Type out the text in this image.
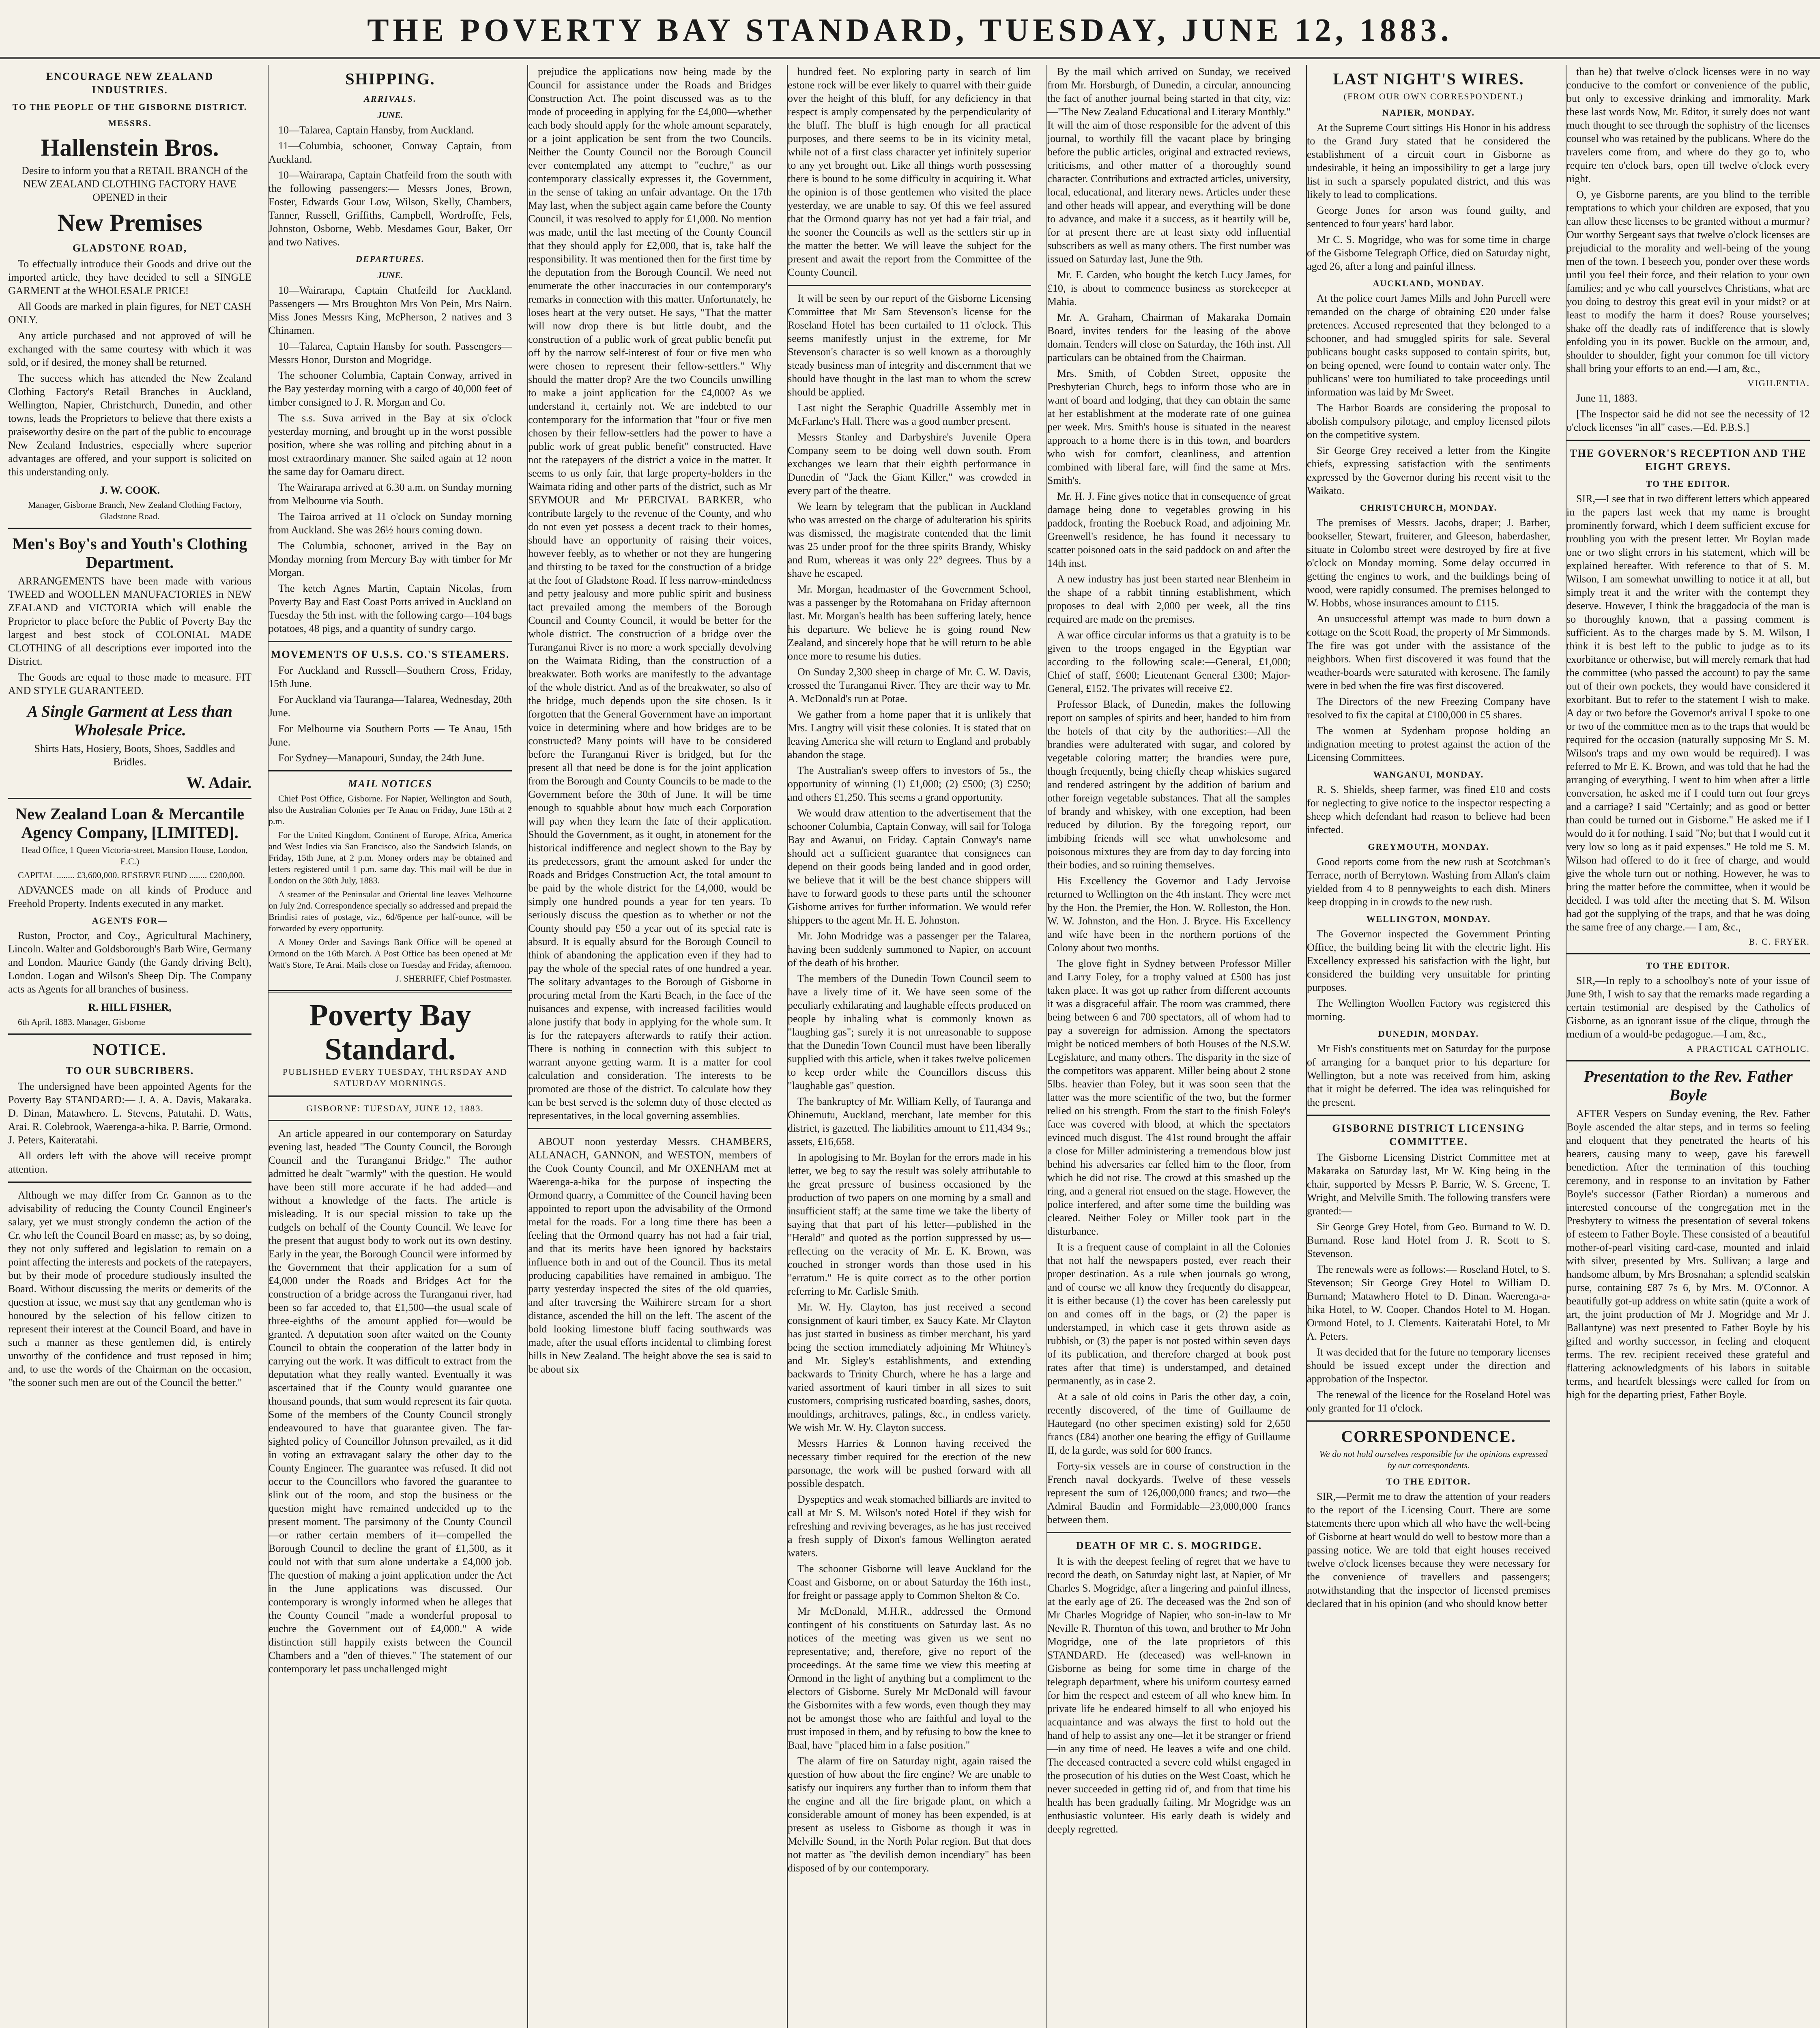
THE POVERTY BAY STANDARD, TUESDAY, JUNE 12, 1883.
ENCOURAGE NEW ZEALAND INDUSTRIES.
TO THE PEOPLE OF THE GISBORNE DISTRICT.
MESSRS.
Hallenstein Bros.

Desire to inform you that a RETAIL BRANCH of the NEW ZEALAND CLOTHING FACTORY HAVE OPENED in their

New Premises
GLADSTONE ROAD,

To effectually introduce their Goods and drive out the imported article, they have decided to sell a SINGLE GARMENT at the WHOLESALE PRICE!

All Goods are marked in plain figures, for NET CASH ONLY.

Any article purchased and not approved of will be exchanged with the same courtesy with which it was sold, or if desired, the money shall be returned.

The success which has attended the New Zealand Clothing Factory's Retail Branches in Auckland, Wellington, Napier, Christchurch, Dunedin, and other towns, leads the Proprietors to believe that there exists a praiseworthy desire on the part of the public to encourage New Zealand Industries, especially where superior advantages are offered, and your support is solicited on this understanding only.

J. W. COOK.

Manager, Gisborne Branch, New Zealand Clothing Factory, Gladstone Road.

Men's Boy's and Youth's Clothing Department.

ARRANGEMENTS have been made with various TWEED and WOOLLEN MANUFACTORIES in NEW ZEALAND and VICTORIA which will enable the Proprietor to place before the Public of Poverty Bay the largest and best stock of COLONIAL MADE CLOTHING of all descriptions ever imported into the District.

The Goods are equal to those made to measure. FIT AND STYLE GUARANTEED.

A Single Garment at Less than Wholesale Price.

Shirts Hats, Hosiery, Boots, Shoes, Saddles and Bridles.

W. Adair.
New Zealand Loan & Mercantile Agency Company, [LIMITED].

Head Office, 1 Queen Victoria-street, Mansion House, London, E.C.)

CAPITAL ........ £3,600,000. RESERVE FUND ........ £200,000.

ADVANCES made on all kinds of Produce and Freehold Property. Indents executed in any market.

AGENTS FOR—

Ruston, Proctor, and Coy., Agricultural Machinery, Lincoln. Walter and Goldsborough's Barb Wire, Germany and London. Maurice Gandy (the Gandy driving Belt), London. Logan and Wilson's Sheep Dip. The Company acts as Agents for all branches of business.

R. HILL FISHER,

6th April, 1883. Manager, Gisborne

NOTICE.
TO OUR SUBCRIBERS.

The undersigned have been appointed Agents for the Poverty Bay STANDARD:— J. A. A. Davis, Makaraka. D. Dinan, Matawhero. L. Stevens, Patutahi. D. Watts, Arai. R. Colebrook, Waerenga-a-hika. P. Barrie, Ormond. J. Peters, Kaiteratahi.

All orders left with the above will receive prompt attention.

Although we may differ from Cr. Gannon as to the advisability of reducing the County Council Engineer's salary, yet we must strongly condemn the action of the Cr. who left the Council Board en masse; as, by so doing, they not only suffered and legislation to remain on a point affecting the interests and pockets of the ratepayers, but by their mode of procedure studiously insulted the Board. Without discussing the merits or demerits of the question at issue, we must say that any gentleman who is honoured by the selection of his fellow citizen to represent their interest at the Council Board, and have in such a manner as these gentlemen did, is entirely unworthy of the confidence and trust reposed in him; and, to use the words of the Chairman on the occasion, "the sooner such men are out of the Council the better."

SHIPPING.
ARRIVALS.
JUNE.

10—Talarea, Captain Hansby, from Auckland.

11—Columbia, schooner, Conway Captain, from Auckland.

10—Wairarapa, Captain Chatfeild from the south with the following passengers:— Messrs Jones, Brown, Foster, Edwards Gour Low, Wilson, Skelly, Chambers, Tanner, Russell, Griffiths, Campbell, Wordroffe, Fels, Johnston, Osborne, Webb. Mesdames Gour, Baker, Orr and two Natives.

DEPARTURES.
JUNE.

10—Wairarapa, Captain Chatfeild for Auckland. Passengers — Mrs Broughton Mrs Von Pein, Mrs Nairn. Miss Jones Messrs King, McPherson, 2 natives and 3 Chinamen.

10—Talarea, Captain Hansby for south. Passengers—Messrs Honor, Durston and Mogridge.

The schooner Columbia, Captain Conway, arrived in the Bay yesterday morning with a cargo of 40,000 feet of timber consigned to J. R. Morgan and Co.

The s.s. Suva arrived in the Bay at six o'clock yesterday morning, and brought up in the worst possible position, where she was rolling and pitching about in a most extraordinary manner. She sailed again at 12 noon the same day for Oamaru direct.

The Wairarapa arrived at 6.30 a.m. on Sunday morning from Melbourne via South.

The Tairoa arrived at 11 o'clock on Sunday morning from Auckland. She was 26½ hours coming down.

The Columbia, schooner, arrived in the Bay on Monday morning from Mercury Bay with timber for Mr Morgan.

The ketch Agnes Martin, Captain Nicolas, from Poverty Bay and East Coast Ports arrived in Auckland on Tuesday the 5th inst. with the following cargo—104 bags potatoes, 48 pigs, and a quantity of sundry cargo.

MOVEMENTS OF U.S.S. CO.'S STEAMERS.

For Auckland and Russell—Southern Cross, Friday, 15th June.

For Auckland via Tauranga—Talarea, Wednesday, 20th June.

For Melbourne via Southern Ports — Te Anau, 15th June.

For Sydney—Manapouri, Sunday, the 24th June.

MAIL NOTICES

Chief Post Office, Gisborne. For Napier, Wellington and South, also the Australian Colonies per Te Anau on Friday, June 15th at 2 p.m.

For the United Kingdom, Continent of Europe, Africa, America and West Indies via San Francisco, also the Sandwich Islands, on Friday, 15th June, at 2 p.m. Money orders may be obtained and letters registered until 1 p.m. same day. This mail will be due in London on the 30th July, 1883.

A steamer of the Peninsular and Oriental line leaves Melbourne on July 2nd. Correspondence specially so addressed and prepaid the Brindisi rates of postage, viz., 6d/6pence per half-ounce, will be forwarded by every opportunity.

A Money Order and Savings Bank Office will be opened at Ormond on the 16th March. A Post Office has been opened at Mr Watt's Store, Te Arai. Mails close on Tuesday and Friday, afternoon.

J. SHERRIFF, Chief Postmaster.

Poverty Bay Standard.

PUBLISHED EVERY TUESDAY, THURSDAY AND SATURDAY MORNINGS.

GISBORNE: TUESDAY, JUNE 12, 1883.

An article appeared in our contemporary on Saturday evening last, headed "The County Council, the Borough Council and the Turanganui Bridge." The author admitted he dealt "warmly" with the question. He would have been still more accurate if he had added—and without a knowledge of the facts. The article is misleading. It is our special mission to take up the cudgels on behalf of the County Council. We leave for the present that august body to work out its own destiny. Early in the year, the Borough Council were informed by the Government that their application for a sum of £4,000 under the Roads and Bridges Act for the construction of a bridge across the Turanganui river, had been so far acceded to, that £1,500—the usual scale of three-eighths of the amount applied for—would be granted. A deputation soon after waited on the County Council to obtain the cooperation of the latter body in carrying out the work. It was difficult to extract from the deputation what they really wanted. Eventually it was ascertained that if the County would guarantee one thousand pounds, that sum would represent its fair quota. Some of the members of the County Council strongly endeavoured to have that guarantee given. The far-sighted policy of Councillor Johnson prevailed, as it did in voting an extravagant salary the other day to the County Engineer. The guarantee was refused. It did not occur to the Councillors who favored the guarantee to slink out of the room, and stop the business or the question might have remained undecided up to the present moment. The parsimony of the County Council—or rather certain members of it—compelled the Borough Council to decline the grant of £1,500, as it could not with that sum alone undertake a £4,000 job. The question of making a joint application under the Act in the June applications was discussed. Our contemporary is wrongly informed when he alleges that the County Council "made a wonderful proposal to euchre the Government out of £4,000." A wide distinction still happily exists between the Council Chambers and a "den of thieves." The statement of our contemporary let pass unchallenged might

prejudice the applications now being made by the Council for assistance under the Roads and Bridges Construction Act. The point discussed was as to the mode of proceeding in applying for the £4,000—whether each body should apply for the whole amount separately, or a joint application be sent from the two Councils. Neither the County Council nor the Borough Council ever contemplated any attempt to "euchre," as our contemporary classically expresses it, the Government, in the sense of taking an unfair advantage. On the 17th May last, when the subject again came before the County Council, it was resolved to apply for £1,000. No mention was made, until the last meeting of the County Council that they should apply for £2,000, that is, take half the responsibility. It was mentioned then for the first time by the deputation from the Borough Council. We need not enumerate the other inaccuracies in our contemporary's remarks in connection with this matter. Unfortunately, he loses heart at the very outset. He says, "That the matter will now drop there is but little doubt, and the construction of a public work of great public benefit put off by the narrow self-interest of four or five men who were chosen to represent their fellow-settlers." Why should the matter drop? Are the two Councils unwilling to make a joint application for the £4,000? As we understand it, certainly not. We are indebted to our contemporary for the information that "four or five men chosen by their fellow-settlers had the power to have a public work of great public benefit" constructed. Have not the ratepayers of the district a voice in the matter. It seems to us only fair, that large property-holders in the Waimata riding and other parts of the district, such as Mr SEYMOUR and Mr PERCIVAL BARKER, who contribute largely to the revenue of the County, and who do not even yet possess a decent track to their homes, should have an opportunity of raising their voices, however feebly, as to whether or not they are hungering and thirsting to be taxed for the construction of a bridge at the foot of Gladstone Road. If less narrow-mindedness and petty jealousy and more public spirit and business tact prevailed among the members of the Borough Council and County Council, it would be better for the whole district. The construction of a bridge over the Turanganui River is no more a work specially devolving on the Waimata Riding, than the construction of a breakwater. Both works are manifestly to the advantage of the whole district. And as of the breakwater, so also of the bridge, much depends upon the site chosen. Is it forgotten that the General Government have an important voice in determining where and how bridges are to be constructed? Many points will have to be considered before the Turanganui River is bridged, but for the present all that need be done is for the joint application from the Borough and County Councils to be made to the Government before the 30th of June. It will be time enough to squabble about how much each Corporation will pay when they learn the fate of their application. Should the Government, as it ought, in atonement for the historical indifference and neglect shown to the Bay by its predecessors, grant the amount asked for under the Roads and Bridges Construction Act, the total amount to be paid by the whole district for the £4,000, would be simply one hundred pounds a year for ten years. To seriously discuss the question as to whether or not the County should pay £50 a year out of its special rate is absurd. It is equally absurd for the Borough Council to think of abandoning the application even if they had to pay the whole of the special rates of one hundred a year. The solitary advantages to the Borough of Gisborne in procuring metal from the Karti Beach, in the face of the nuisances and expense, with increased facilities would alone justify that body in applying for the whole sum. It is for the ratepayers afterwards to ratify their action. There is nothing in connection with this subject to warrant anyone getting warm. It is a matter for cool calculation and consideration. The interests to be promoted are those of the district. To calculate how they can be best served is the solemn duty of those elected as representatives, in the local governing assemblies.

ABOUT noon yesterday Messrs. CHAMBERS, ALLANACH, GANNON, and WESTON, members of the Cook County Council, and Mr OXENHAM met at Waerenga-a-hika for the purpose of inspecting the Ormond quarry, a Committee of the Council having been appointed to report upon the advisability of the Ormond metal for the roads. For a long time there has been a feeling that the Ormond quarry has not had a fair trial, and that its merits have been ignored by backstairs influence both in and out of the Council. Thus its metal producing capabilities have remained in ambiguo. The party yesterday inspected the sites of the old quarries, and after traversing the Waihirere stream for a short distance, ascended the hill on the left. The ascent of the bold looking limestone bluff facing southwards was made, after the usual efforts incidental to climbing forest hills in New Zealand. The height above the sea is said to be about six

hundred feet. No exploring party in search of lim estone rock will be ever likely to quarrel with their guide over the height of this bluff, for any deficiency in that respect is amply compensated by the perpendicularity of the bluff. The bluff is high enough for all practical purposes, and there seems to be in its vicinity metal, while not of a first class character yet infinitely superior to any yet brought out. Like all things worth possessing there is bound to be some difficulty in acquiring it. What the opinion is of those gentlemen who visited the place yesterday, we are unable to say. Of this we feel assured that the Ormond quarry has not yet had a fair trial, and the sooner the Councils as well as the settlers stir up in the matter the better. We will leave the subject for the present and await the report from the Committee of the County Council.

It will be seen by our report of the Gisborne Licensing Committee that Mr Sam Stevenson's license for the Roseland Hotel has been curtailed to 11 o'clock. This seems manifestly unjust in the extreme, for Mr Stevenson's character is so well known as a thoroughly steady business man of integrity and discernment that we should have thought in the last man to whom the screw should be applied.

Last night the Seraphic Quadrille Assembly met in McFarlane's Hall. There was a good number present.

Messrs Stanley and Darbyshire's Juvenile Opera Company seem to be doing well down south. From exchanges we learn that their eighth performance in Dunedin of "Jack the Giant Killer," was crowded in every part of the theatre.

We learn by telegram that the publican in Auckland who was arrested on the charge of adulteration his spirits was dismissed, the magistrate contended that the limit was 25 under proof for the three spirits Brandy, Whisky and Rum, whereas it was only 22° degrees. Thus by a shave he escaped.

Mr. Morgan, headmaster of the Government School, was a passenger by the Rotomahana on Friday afternoon last. Mr. Morgan's health has been suffering lately, hence his departure. We believe he is going round New Zealand, and sincerely hope that he will return to be able once more to resume his duties.

On Sunday 2,300 sheep in charge of Mr. C. W. Davis, crossed the Turanganui River. They are their way to Mr. A. McDonald's run at Potae.

We gather from a home paper that it is unlikely that Mrs. Langtry will visit these colonies. It is stated that on leaving America she will return to England and probably abandon the stage.

The Australian's sweep offers to investors of 5s., the opportunity of winning (1) £1,000; (2) £500; (3) £250; and others £1,250. This seems a grand opportunity.

We would draw attention to the advertisement that the schooner Columbia, Captain Conway, will sail for Tologa Bay and Awanui, on Friday. Captain Conway's name should act a sufficient guarantee that consignees can depend on their goods being landed and in good order, we believe that it will be the best chance shippers will have to forward goods to these parts until the schooner Gisborne arrives for further information. We would refer shippers to the agent Mr. H. E. Johnston.

Mr. John Modridge was a passenger per the Talarea, having been suddenly summoned to Napier, on account of the death of his brother.

The members of the Dunedin Town Council seem to have a lively time of it. We have seen some of the peculiarly exhilarating and laughable effects produced on people by inhaling what is commonly known as "laughing gas"; surely it is not unreasonable to suppose that the Dunedin Town Council must have been liberally supplied with this article, when it takes twelve policemen to keep order while the Councillors discuss this "laughable gas" question.

The bankruptcy of Mr. William Kelly, of Tauranga and Ohinemutu, Auckland, merchant, late member for this district, is gazetted. The liabilities amount to £11,434 9s.; assets, £16,658.

In apologising to Mr. Boylan for the errors made in his letter, we beg to say the result was solely attributable to the great pressure of business occasioned by the production of two papers on one morning by a small and insufficient staff; at the same time we take the liberty of saying that that part of his letter—published in the "Herald" and quoted as the portion suppressed by us—reflecting on the veracity of Mr. E. K. Brown, was couched in stronger words than those used in his "erratum." He is quite correct as to the other portion referring to Mr. Carlisle Smith.

Mr. W. Hy. Clayton, has just received a second consignment of kauri timber, ex Saucy Kate. Mr Clayton has just started in business as timber merchant, his yard being the section immediately adjoining Mr Whitney's and Mr. Sigley's establishments, and extending backwards to Trinity Church, where he has a large and varied assortment of kauri timber in all sizes to suit customers, comprising rusticated boarding, sashes, doors, mouldings, architraves, palings, &c., in endless variety. We wish Mr. W. Hy. Clayton success.

Messrs Harries & Lonnon having received the necessary timber required for the erection of the new parsonage, the work will be pushed forward with all possible despatch.

Dyspeptics and weak stomached billiards are invited to call at Mr S. M. Wilson's noted Hotel if they wish for refreshing and reviving beverages, as he has just received a fresh supply of Dixon's famous Wellington aerated waters.

The schooner Gisborne will leave Auckland for the Coast and Gisborne, on or about Saturday the 16th inst., for freight or passage apply to Common Shelton & Co.

Mr McDonald, M.H.R., addressed the Ormond contingent of his constituents on Saturday last. As no notices of the meeting was given us we sent no representative; and, therefore, give no report of the proceedings. At the same time we view this meeting at Ormond in the light of anything but a compliment to the electors of Gisborne. Surely Mr McDonald will favour the Gisbornites with a few words, even though they may not be amongst those who are faithful and loyal to the trust imposed in them, and by refusing to bow the knee to Baal, have "placed him in a false position."

The alarm of fire on Saturday night, again raised the question of how about the fire engine? We are unable to satisfy our inquirers any further than to inform them that the engine and all the fire brigade plant, on which a considerable amount of money has been expended, is at present as useless to Gisborne as though it was in Melville Sound, in the North Polar region. But that does not matter as "the devilish demon incendiary" has been disposed of by our contemporary.

By the mail which arrived on Sunday, we received from Mr. Horsburgh, of Dunedin, a circular, announcing the fact of another journal being started in that city, viz:—"The New Zealand Educational and Literary Monthly." It will the aim of those responsible for the advent of this journal, to worthily fill the vacant place by bringing before the public articles, original and extracted reviews, criticisms, and other matter of a thoroughly sound character. Contributions and extracted articles, university, local, educational, and literary news. Articles under these and other heads will appear, and everything will be done to advance, and make it a success, as it heartily will be, for at present there are at least sixty odd influential subscribers as well as many others. The first number was issued on Saturday last, June the 9th.

Mr. F. Carden, who bought the ketch Lucy James, for £10, is about to commence business as storekeeper at Mahia.

Mr. A. Graham, Chairman of Makaraka Domain Board, invites tenders for the leasing of the above domain. Tenders will close on Saturday, the 16th inst. All particulars can be obtained from the Chairman.

Mrs. Smith, of Cobden Street, opposite the Presbyterian Church, begs to inform those who are in want of board and lodging, that they can obtain the same at her establishment at the moderate rate of one guinea per week. Mrs. Smith's house is situated in the nearest approach to a home there is in this town, and boarders who wish for comfort, cleanliness, and attention combined with liberal fare, will find the same at Mrs. Smith's.

Mr. H. J. Fine gives notice that in consequence of great damage being done to vegetables growing in his paddock, fronting the Roebuck Road, and adjoining Mr. Greenwell's residence, he has found it necessary to scatter poisoned oats in the said paddock on and after the 14th inst.

A new industry has just been started near Blenheim in the shape of a rabbit tinning establishment, which proposes to deal with 2,000 per week, all the tins required are made on the premises.

A war office circular informs us that a gratuity is to be given to the troops engaged in the Egyptian war according to the following scale:—General, £1,000; Chief of staff, £600; Lieutenant General £300; Major-General, £152. The privates will receive £2.

Professor Black, of Dunedin, makes the following report on samples of spirits and beer, handed to him from the hotels of that city by the authorities:—All the brandies were adulterated with sugar, and colored by vegetable coloring matter; the brandies were pure, though frequently, being chiefly cheap whiskies sugared and rendered astringent by the addition of barium and other foreign vegetable substances. That all the samples of brandy and whiskey, with one exception, had been reduced by dilution. By the foregoing report, our imbibing friends will see what unwholesome and poisonous mixtures they are from day to day forcing into their bodies, and so ruining themselves.

His Excellency the Governor and Lady Jervoise returned to Wellington on the 4th instant. They were met by the Hon. the Premier, the Hon. W. Rolleston, the Hon. W. W. Johnston, and the Hon. J. Bryce. His Excellency and wife have been in the northern portions of the Colony about two months.

The glove fight in Sydney between Professor Miller and Larry Foley, for a trophy valued at £500 has just taken place. It was got up rather from different accounts it was a disgraceful affair. The room was crammed, there being between 6 and 700 spectators, all of whom had to pay a sovereign for admission. Among the spectators might be noticed members of both Houses of the N.S.W. Legislature, and many others. The disparity in the size of the competitors was apparent. Miller being about 2 stone 5lbs. heavier than Foley, but it was soon seen that the latter was the more scientific of the two, but the former relied on his strength. From the start to the finish Foley's face was covered with blood, at which the spectators evinced much disgust. The 41st round brought the affair a close for Miller administering a tremendous blow just behind his adversaries ear felled him to the floor, from which he did not rise. The crowd at this smashed up the ring, and a general riot ensued on the stage. However, the police interfered, and after some time the building was cleared. Neither Foley or Miller took part in the disturbance.

It is a frequent cause of complaint in all the Colonies that not half the newspapers posted, ever reach their proper destination. As a rule when journals go wrong, and of course we all know they frequently do disappear, it is either because (1) the cover has been carelessly put on and comes off in the bags, or (2) the paper is understamped, in which case it gets thrown aside as rubbish, or (3) the paper is not posted within seven days of its publication, and therefore charged at book post rates after that time) is understamped, and detained permanently, as in case 2.

At a sale of old coins in Paris the other day, a coin, recently discovered, of the time of Guillaume de Hautegard (no other specimen existing) sold for 2,650 francs (£84) another one bearing the effigy of Guillaume II, de la garde, was sold for 600 francs.

Forty-six vessels are in course of construction in the French naval dockyards. Twelve of these vessels represent the sum of 126,000,000 francs; and two—the Admiral Baudin and Formidable—23,000,000 francs between them.

DEATH OF MR C. S. MOGRIDGE.

It is with the deepest feeling of regret that we have to record the death, on Saturday night last, at Napier, of Mr Charles S. Mogridge, after a lingering and painful illness, at the early age of 26. The deceased was the 2nd son of Mr Charles Mogridge of Napier, who son-in-law to Mr Neville R. Thornton of this town, and brother to Mr John Mogridge, one of the late proprietors of this STANDARD. He (deceased) was well-known in Gisborne as being for some time in charge of the telegraph department, where his uniform courtesy earned for him the respect and esteem of all who knew him. In private life he endeared himself to all who enjoyed his acquaintance and was always the first to hold out the hand of help to assist any one—let it be stranger or friend—in any time of need. He leaves a wife and one child. The deceased contracted a severe cold whilst engaged in the prosecution of his duties on the West Coast, which he never succeeded in getting rid of, and from that time his health has been gradually failing. Mr Mogridge was an enthusiastic volunteer. His early death is widely and deeply regretted.

LAST NIGHT'S WIRES.

(FROM OUR OWN CORRESPONDENT.)

NAPIER, MONDAY.

At the Supreme Court sittings His Honor in his address to the Grand Jury stated that he considered the establishment of a circuit court in Gisborne as undesirable, it being an impossibility to get a large jury list in such a sparsely populated district, and this was likely to lead to complications.

George Jones for arson was found guilty, and sentenced to four years' hard labor.

Mr C. S. Mogridge, who was for some time in charge of the Gisborne Telegraph Office, died on Saturday night, aged 26, after a long and painful illness.

AUCKLAND, MONDAY.

At the police court James Mills and John Purcell were remanded on the charge of obtaining £20 under false pretences. Accused represented that they belonged to a schooner, and had smuggled spirits for sale. Several publicans bought casks supposed to contain spirits, but, on being opened, were found to contain water only. The publicans' were too humiliated to take proceedings until information was laid by Mr Sweet.

The Harbor Boards are considering the proposal to abolish compulsory pilotage, and employ licensed pilots on the competitive system.

Sir George Grey received a letter from the Kingite chiefs, expressing satisfaction with the sentiments expressed by the Governor during his recent visit to the Waikato.

CHRISTCHURCH, MONDAY.

The premises of Messrs. Jacobs, draper; J. Barber, bookseller, Stewart, fruiterer, and Gleeson, haberdasher, situate in Colombo street were destroyed by fire at five o'clock on Monday morning. Some delay occurred in getting the engines to work, and the buildings being of wood, were rapidly consumed. The premises belonged to W. Hobbs, whose insurances amount to £115.

An unsuccessful attempt was made to burn down a cottage on the Scott Road, the property of Mr Simmonds. The fire was got under with the assistance of the neighbors. When first discovered it was found that the weather-boards were saturated with kerosene. The family were in bed when the fire was first discovered.

The Directors of the new Freezing Company have resolved to fix the capital at £100,000 in £5 shares.

The women at Sydenham propose holding an indignation meeting to protest against the action of the Licensing Committees.

WANGANUI, MONDAY.

R. S. Shields, sheep farmer, was fined £10 and costs for neglecting to give notice to the inspector respecting a sheep which defendant had reason to believe had been infected.

GREYMOUTH, MONDAY.

Good reports come from the new rush at Scotchman's Terrace, north of Berrytown. Washing from Allan's claim yielded from 4 to 8 pennyweights to each dish. Miners keep dropping in in crowds to the new rush.

WELLINGTON, MONDAY.

The Governor inspected the Government Printing Office, the building being lit with the electric light. His Excellency expressed his satisfaction with the light, but considered the building very unsuitable for printing purposes.

The Wellington Woollen Factory was registered this morning.

DUNEDIN, MONDAY.

Mr Fish's constituents met on Saturday for the purpose of arranging for a banquet prior to his departure for Wellington, but a note was received from him, asking that it might be deferred. The idea was relinquished for the present.

GISBORNE DISTRICT LICENSING COMMITTEE.

The Gisborne Licensing District Committee met at Makaraka on Saturday last, Mr W. King being in the chair, supported by Messrs P. Barrie, W. S. Greene, T. Wright, and Melville Smith. The following transfers were granted:—

Sir George Grey Hotel, from Geo. Burnand to W. D. Burnand. Rose land Hotel from J. R. Scott to S. Stevenson.

The renewals were as follows:— Roseland Hotel, to S. Stevenson; Sir George Grey Hotel to William D. Burnand; Matawhero Hotel to D. Dinan. Waerenga-a-hika Hotel, to W. Cooper. Chandos Hotel to M. Hogan. Ormond Hotel, to J. Clements. Kaiteratahi Hotel, to Mr A. Peters.

It was decided that for the future no temporary licenses should be issued except under the direction and approbation of the Inspector.

The renewal of the licence for the Roseland Hotel was only granted for 11 o'clock.

CORRESPONDENCE.

We do not hold ourselves responsible for the opinions expressed by our correspondents.

TO THE EDITOR.

SIR,—Permit me to draw the attention of your readers to the report of the Licensing Court. There are some statements there upon which all who have the well-being of Gisborne at heart would do well to bestow more than a passing notice. We are told that eight houses received twelve o'clock licenses because they were necessary for the convenience of travellers and passengers; notwithstanding that the inspector of licensed premises declared that in his opinion (and who should know better

than he) that twelve o'clock licenses were in no way conducive to the comfort or convenience of the public, but only to excessive drinking and immorality. Mark these last words Now, Mr. Editor, it surely does not want much thought to see through the sophistry of the licenses counsel who was retained by the publicans. Where do the travelers come from, and where do they go to, who require ten o'clock bars, open till twelve o'clock every night.

O, ye Gisborne parents, are you blind to the terrible temptations to which your children are exposed, that you can allow these licenses to be granted without a murmur? Our worthy Sergeant says that twelve o'clock licenses are prejudicial to the morality and well-being of the young men of the town. I beseech you, ponder over these words until you feel their force, and their relation to your own families; and ye who call yourselves Christians, what are you doing to destroy this great evil in your midst? or at least to modify the harm it does? Rouse yourselves; shake off the deadly rats of indifference that is slowly enfolding you in its power. Buckle on the armour, and, shoulder to shoulder, fight your common foe till victory shall bring your efforts to an end.—I am, &c.,

VIGILENTIA.

June 11, 1883.

[The Inspector said he did not see the necessity of 12 o'clock licenses "in all" cases.—Ed. P.B.S.]

THE GOVERNOR'S RECEPTION AND THE EIGHT GREYS.
TO THE EDITOR.

SIR,—I see that in two different letters which appeared in the papers last week that my name is brought prominently forward, which I deem sufficient excuse for troubling you with the present letter. Mr Boylan made one or two slight errors in his statement, which will be explained hereafter. With reference to that of S. M. Wilson, I am somewhat unwilling to notice it at all, but simply treat it and the writer with the contempt they deserve. However, I think the braggadocia of the man is so thoroughly known, that a passing comment is sufficient. As to the charges made by S. M. Wilson, I think it is best left to the public to judge as to its exorbitance or otherwise, but will merely remark that had the committee (who passed the account) to pay the same out of their own pockets, they would have considered it exorbitant. But to refer to the statement I wish to make. A day or two before the Governor's arrival I spoke to one or two of the committee men as to the traps that would be required for the occasion (naturally supposing Mr S. M. Wilson's traps and my own would be required). I was referred to Mr E. K. Brown, and was told that he had the arranging of everything. I went to him when after a little conversation, he asked me if I could turn out four greys and a carriage? I said "Certainly; and as good or better than could be turned out in Gisborne." He asked me if I would do it for nothing. I said "No; but that I would cut it very low so long as it paid expenses." He told me S. M. Wilson had offered to do it free of charge, and would give the whole turn out or nothing. However, he was to bring the matter before the committee, when it would be decided. I was told after the meeting that S. M. Wilson had got the supplying of the traps, and that he was doing the same free of any charge.— I am, &c.,

B. C. FRYER.

TO THE EDITOR.

SIR,—In reply to a schoolboy's note of your issue of June 9th, I wish to say that the remarks made regarding a certain testimonial are despised by the Catholics of Gisborne, as an ignorant issue of the clique, through the medium of a would-be pedagogue.—I am, &c.,

A PRACTICAL CATHOLIC.

Presentation to the Rev. Father Boyle

AFTER Vespers on Sunday evening, the Rev. Father Boyle ascended the altar steps, and in terms so feeling and eloquent that they penetrated the hearts of his hearers, causing many to weep, gave his farewell benediction. After the termination of this touching ceremony, and in response to an invitation by Father Boyle's successor (Father Riordan) a numerous and interested concourse of the congregation met in the Presbytery to witness the presentation of several tokens of esteem to Father Boyle. These consisted of a beautiful mother-of-pearl visiting card-case, mounted and inlaid with silver, presented by Mrs. Sullivan; a large and handsome album, by Mrs Brosnahan; a splendid sealskin purse, containing £87 7s 6, by Mrs. M. O'Connor. A beautifully got-up address on white satin (quite a work of art, the joint production of Mr J. Mogridge and Mr J. Ballantyne) was next presented to Father Boyle by his gifted and worthy successor, in feeling and eloquent terms. The rev. recipient received these grateful and flattering acknowledgments of his labors in suitable terms, and heartfelt blessings were called for from on high for the departing priest, Father Boyle.
